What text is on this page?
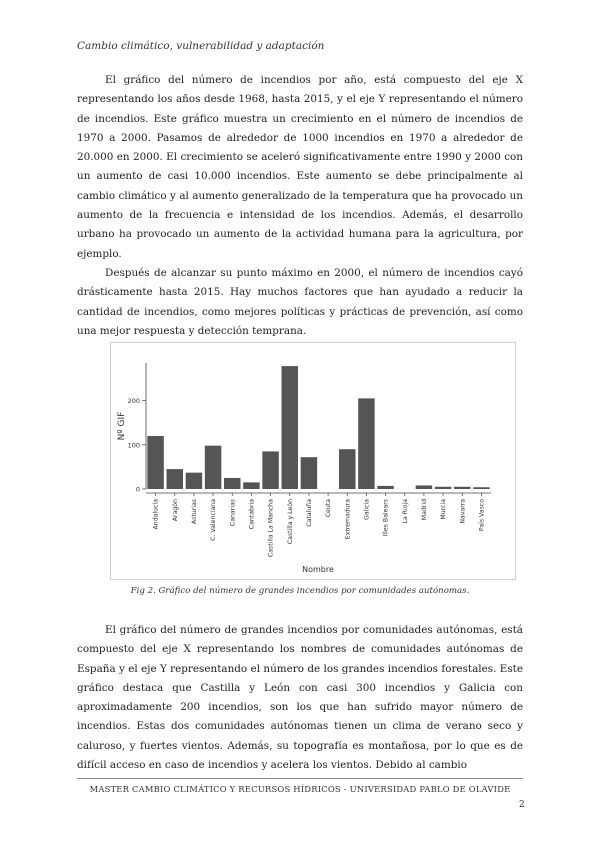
Cambio climático, vulnerabilidad y adaptación

El gráfico del número de incendios por año, está compuesto del eje X representando los años desde 1968, hasta 2015, y el eje Y representando el número de incendios. Este gráfico muestra un crecimiento en el número de incendios de 1970 a 2000. Pasamos de alrededor de 1000 incendios en 1970 a alrededor de 20.000 en 2000. El crecimiento se aceleró significativamente entre 1990 y 2000 con un aumento de casi 10.000 incendios. Este aumento se debe principalmente al cambio climático y al aumento generalizado de la temperatura que ha provocado un aumento de la frecuencia e intensidad de los incendios. Además, el desarrollo urbano ha provocado un aumento de la actividad humana para la agricultura, por ejemplo.

Después de alcanzar su punto máximo en 2000, el número de incendios cayó drásticamente hasta 2015. Hay muchos factores que han ayudado a reducir la cantidad de incendios, como mejores políticas y prácticas de prevención, así como una mejor respuesta y detección temprana.

Andalucía Aragón Asturias C. Valenciana Canarias Cantabria Castilla La Mancha Castilla y León Cataluña Ceuta Extremadura Galicia Illes Balears La Rioja Madrid Murcia Navarra País Vasco
0
100
200
Nº GIF
Nombre
Fig 2. Gráfico del número de grandes incendios por comunidades autónomas.

El gráfico del número de grandes incendios por comunidades autónomas, está compuesto del eje X representando los nombres de comunidades autónomas de España y el eje Y representando el número de los grandes incendios forestales. Este gráfico destaca que Castilla y León con casi 300 incendios y Galicia con aproximadamente 200 incendios, son los que han sufrido mayor número de incendios. Estas dos comunidades autónomas tienen un clima de verano seco y caluroso, y fuertes vientos. Además, su topografía es montañosa, por lo que es de difícil acceso en caso de incendios y acelera los vientos. Debido al cambio

MASTER CAMBIO CLIMÁTICO Y RECURSOS HÍDRICOS - UNIVERSIDAD PABLO DE OLAVIDE
2
